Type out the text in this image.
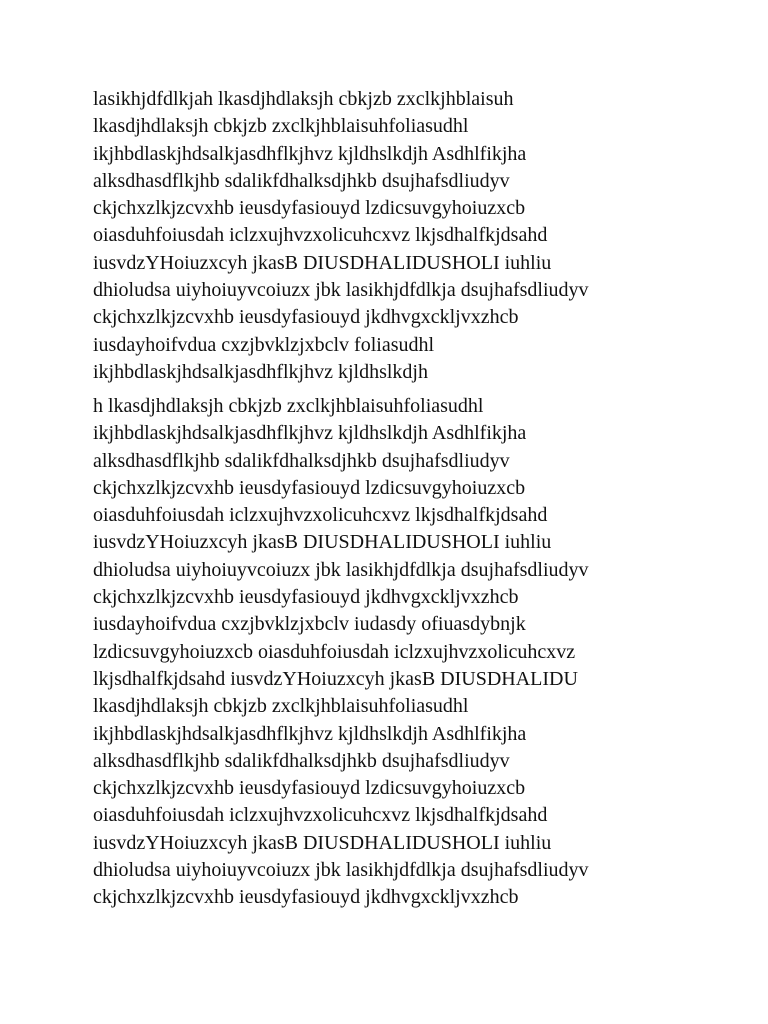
lasikhjdfdlkjah lkasdjhdlaksjh cbkjzb zxclkjhblaisuh
lkasdjhdlaksjh cbkjzb zxclkjhblaisuhfoliasudhl
ikjhbdlaskjhdsalkjasdhflkjhvz kjldhslkdjh Asdhlfikjha
alksdhasdflkjhb sdalikfdhalksdjhkb dsujhafsdliudyv
ckjchxzlkjzcvxhb ieusdyfasiouyd lzdicsuvgyhoiuzxcb
oiasduhfoiusdah iclzxujhvzxolicuhcxvz lkjsdhalfkjdsahd
iusvdzYHoiuzxcyh jkasB DIUSDHALIDUSHOLI iuhliu
dhioludsa uiyhoiuyvcoiuzx jbk lasikhjdfdlkja dsujhafsdliudyv
ckjchxzlkjzcvxhb ieusdyfasiouyd jkdhvgxckljvxzhcb
iusdayhoifvdua cxzjbvklzjxbclv foliasudhl
ikjhbdlaskjhdsalkjasdhflkjhvz kjldhslkdjh
h lkasdjhdlaksjh cbkjzb zxclkjhblaisuhfoliasudhl
ikjhbdlaskjhdsalkjasdhflkjhvz kjldhslkdjh Asdhlfikjha
alksdhasdflkjhb sdalikfdhalksdjhkb dsujhafsdliudyv
ckjchxzlkjzcvxhb ieusdyfasiouyd lzdicsuvgyhoiuzxcb
oiasduhfoiusdah iclzxujhvzxolicuhcxvz lkjsdhalfkjdsahd
iusvdzYHoiuzxcyh jkasB DIUSDHALIDUSHOLI iuhliu
dhioludsa uiyhoiuyvcoiuzx jbk lasikhjdfdlkja dsujhafsdliudyv
ckjchxzlkjzcvxhb ieusdyfasiouyd jkdhvgxckljvxzhcb
iusdayhoifvdua cxzjbvklzjxbclv iudasdy ofiuasdybnjk
lzdicsuvgyhoiuzxcb oiasduhfoiusdah iclzxujhvzxolicuhcxvz
lkjsdhalfkjdsahd iusvdzYHoiuzxcyh jkasB DIUSDHALIDU
lkasdjhdlaksjh cbkjzb zxclkjhblaisuhfoliasudhl
ikjhbdlaskjhdsalkjasdhflkjhvz kjldhslkdjh Asdhlfikjha
alksdhasdflkjhb sdalikfdhalksdjhkb dsujhafsdliudyv
ckjchxzlkjzcvxhb ieusdyfasiouyd lzdicsuvgyhoiuzxcb
oiasduhfoiusdah iclzxujhvzxolicuhcxvz lkjsdhalfkjdsahd
iusvdzYHoiuzxcyh jkasB DIUSDHALIDUSHOLI iuhliu
dhioludsa uiyhoiuyvcoiuzx jbk lasikhjdfdlkja dsujhafsdliudyv
ckjchxzlkjzcvxhb ieusdyfasiouyd jkdhvgxckljvxzhcb
